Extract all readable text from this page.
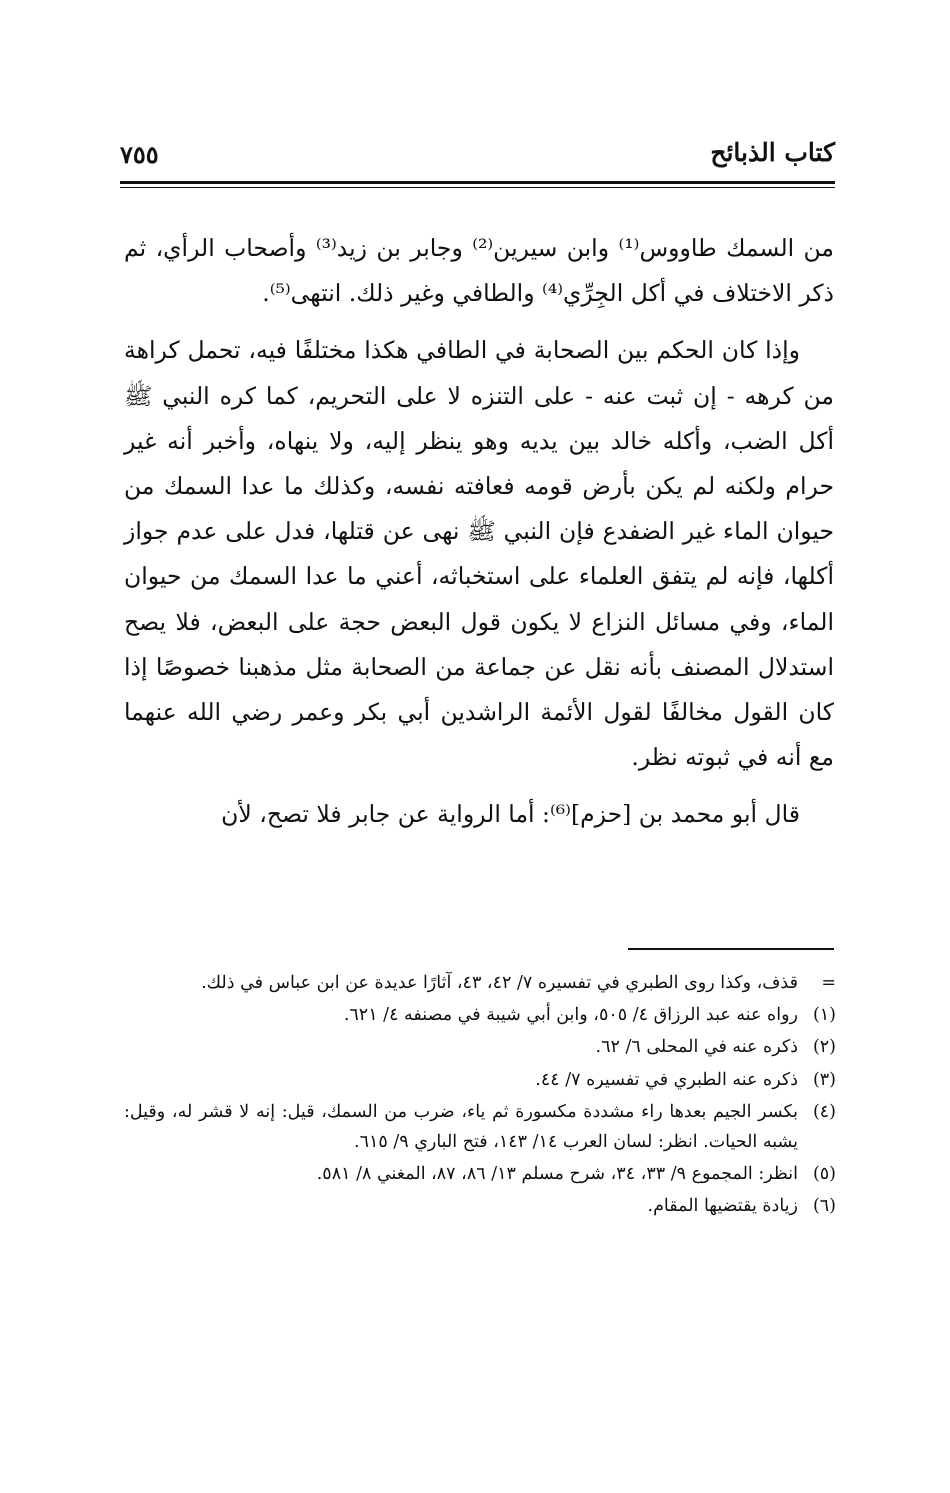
كتاب الذبائح
٧٥٥

من السمك طاووس⁽¹⁾ وابن سيرين⁽²⁾ وجابر بن زيد⁽³⁾ وأصحاب الرأي، ثم ذكر الاختلاف في أكل الجِرِّي⁽⁴⁾ والطافي وغير ذلك. انتهى⁽⁵⁾.

وإذا كان الحكم بين الصحابة في الطافي هكذا مختلفًا فيه، تحمل كراهة من كرهه - إن ثبت عنه - على التنزه لا على التحريم، كما كره النبي ﷺ أكل الضب، وأكله خالد بين يديه وهو ينظر إليه، ولا ينهاه، وأخبر أنه غير حرام ولكنه لم يكن بأرض قومه فعافته نفسه، وكذلك ما عدا السمك من حيوان الماء غير الضفدع فإن النبي ﷺ نهى عن قتلها، فدل على عدم جواز أكلها، فإنه لم يتفق العلماء على استخباثه، أعني ما عدا السمك من حيوان الماء، وفي مسائل النزاع لا يكون قول البعض حجة على البعض، فلا يصح استدلال المصنف بأنه نقل عن جماعة من الصحابة مثل مذهبنا خصوصًا إذا كان القول مخالفًا لقول الأئمة الراشدين أبي بكر وعمر رضي الله عنهما مع أنه في ثبوته نظر.

قال أبو محمد بن [حزم]⁽⁶⁾: أما الرواية عن جابر فلا تصح، لأن

=
قذف، وكذا روى الطبري في تفسيره ٧/ ٤٢، ٤٣، آثارًا عديدة عن ابن عباس في ذلك.
(١)
رواه عنه عبد الرزاق ٤/ ٥٠٥، وابن أبي شيبة في مصنفه ٤/ ٦٢١.
(٢)
ذكره عنه في المحلى ٦/ ٦٢.
(٣)
ذكره عنه الطبري في تفسيره ٧/ ٤٤.
(٤)
بكسر الجيم بعدها راء مشددة مكسورة ثم ياء، ضرب من السمك، قيل: إنه لا قشر له، وقيل: يشبه الحيات. انظر: لسان العرب ١٤/ ١٤٣، فتح الباري ٩/ ٦١٥.
(٥)
انظر: المجموع ٩/ ٣٣، ٣٤، شرح مسلم ١٣/ ٨٦، ٨٧، المغني ٨/ ٥٨١.
(٦)
زيادة يقتضيها المقام.
